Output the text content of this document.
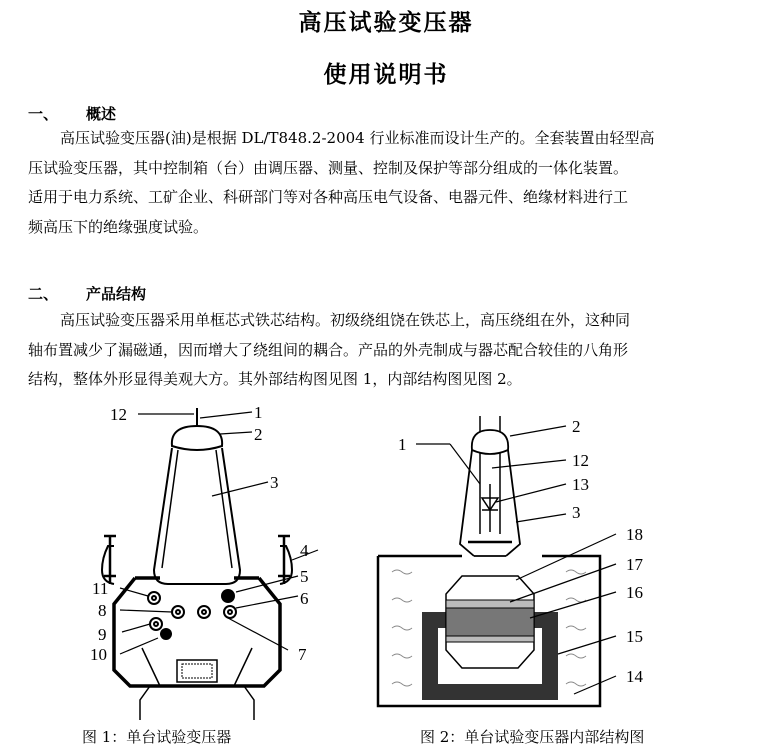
高压试验变压器
使用说明书
一、 概述

高压试验变压器(油)是根据 DL/T848.2-2004 行业标准而设计生产的。全套装置由轻型高

压试验变压器，其中控制箱（台）由调压器、测量、控制及保护等部分组成的一体化装置。

适用于电力系统、工矿企业、科研部门等对各种高压电气设备、电器元件、绝缘材料进行工

频高压下的绝缘强度试验。

二、 产品结构

高压试验变压器采用单框芯式铁芯结构。初级绕组饶在铁芯上，高压绕组在外，这种同

轴布置减少了漏磁通，因而增大了绕组间的耦合。产品的外壳制成与器芯配合较佳的八角形

结构，整体外形显得美观大方。其外部结构图见图 1，内部结构图见图 2。

12	1
2
3
4
5
6
11
8
9
10	7
1
2
12
13
3
18
17
16
15
14
图 1：单台试验变压器	图 2：单台试验变压器内部结构图
